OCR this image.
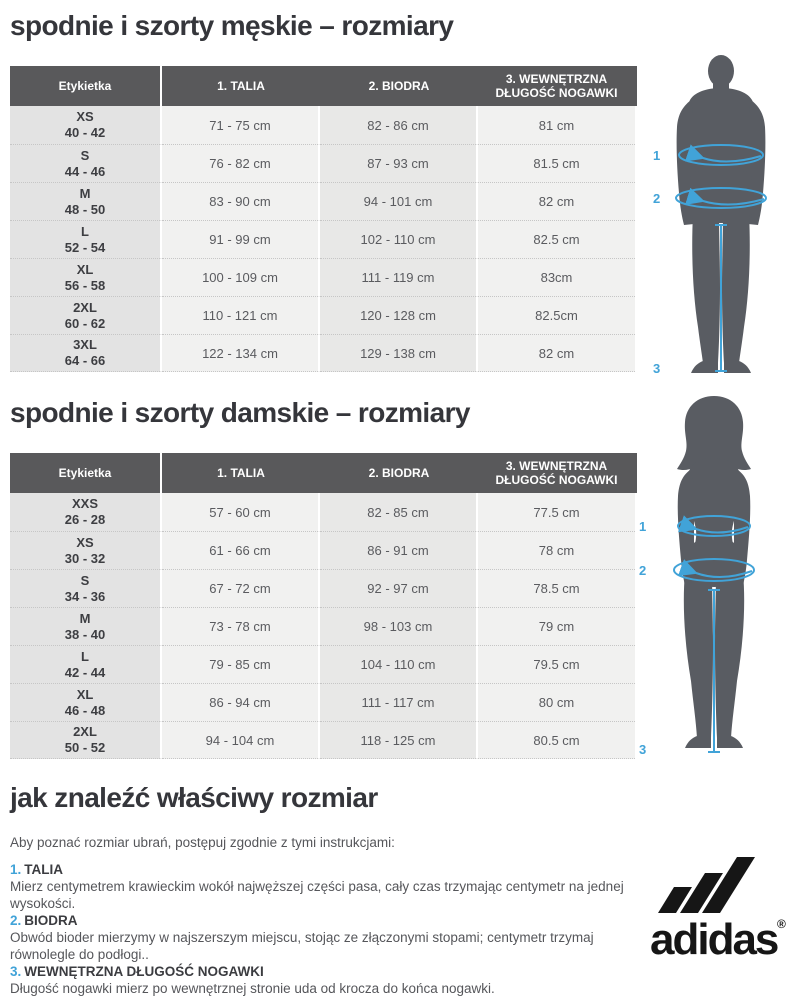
spodnie i szorty męskie – rozmiary
Etykietka	1. TALIA	2. BIODRA	3. WEWNĘTRZNA DŁUGOŚĆ NOGAWKI
XS
40 - 42	71 - 75 cm	82 - 86 cm	81 cm
S
44 - 46	76 - 82 cm	87 - 93 cm	81.5 cm
M
48 - 50	83 - 90 cm	94 - 101 cm	82 cm
L
52 - 54	91 - 99 cm	102 - 110 cm	82.5 cm
XL
56 - 58	100 - 109 cm	111 - 119 cm	83cm
2XL
60 - 62	110 - 121 cm	120 - 128 cm	82.5cm
3XL
64 - 66	122 - 134 cm	129 - 138 cm	82 cm
spodnie i szorty damskie – rozmiary
Etykietka	1. TALIA	2. BIODRA	3. WEWNĘTRZNA DŁUGOŚĆ NOGAWKI
XXS
26 - 28	57 - 60 cm	82 - 85 cm	77.5 cm
XS
30 - 32	61 - 66 cm	86 - 91 cm	78 cm
S
34 - 36	67 - 72 cm	92 - 97 cm	78.5 cm
M
38 - 40	73 - 78 cm	98 - 103 cm	79 cm
L
42 - 44	79 - 85 cm	104 - 110 cm	79.5 cm
XL
46 - 48	86 - 94 cm	111 - 117 cm	80 cm
2XL
50 - 52	94 - 104 cm	118 - 125 cm	80.5 cm
jak znaleźć właściwy rozmiar

Aby poznać rozmiar ubrań, postępuj zgodnie z tymi instrukcjami:

1. TALIA
Mierz centymetrem krawieckim wokół najwęższej części pasa, cały czas trzymając centymetr na jednej wysokości.
2. BIODRA
Obwód bioder mierzymy w najszerszym miejscu, stojąc ze złączonymi stopami; centymetr trzymaj równolegle do podłogi..
3. WEWNĘTRZNA DŁUGOŚĆ NOGAWKI
Długość nogawki mierz po wewnętrznej stronie uda od krocza do końca nogawki.
1
2
3
1
2
3
adidas ®
